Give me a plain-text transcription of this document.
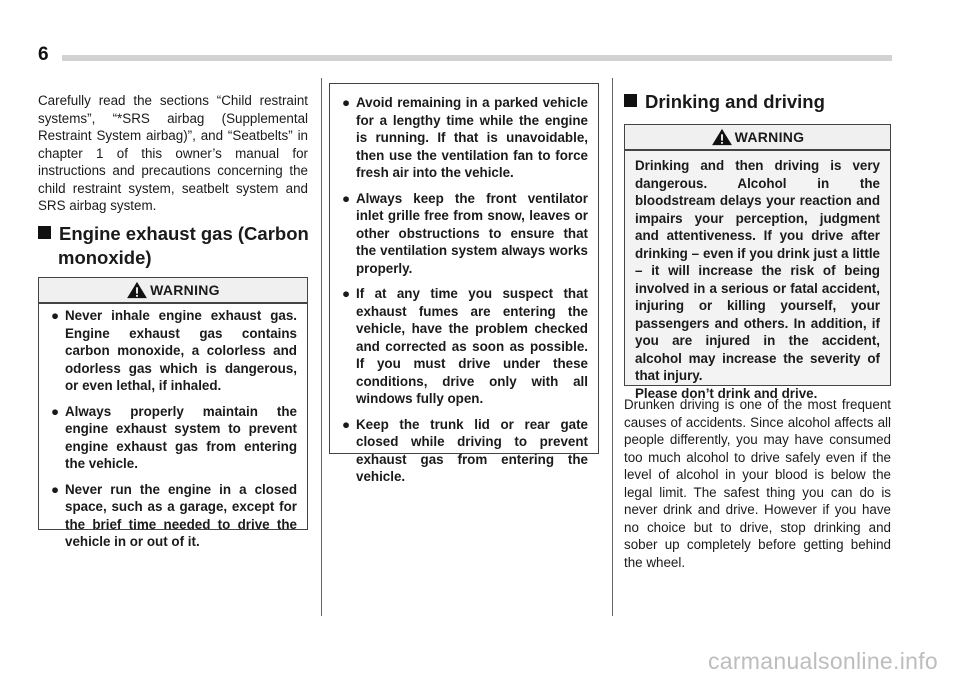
6

Carefully read the sections “Child restraint systems”, “*SRS airbag (Supplemental Restraint System airbag)”, and “Seatbelts” in chapter 1 of this owner’s manual for instructions and precautions concerning the child restraint system, seatbelt system and SRS airbag system.

Engine exhaust gas (Carbon
monoxide)
WARNING
● Never inhale engine exhaust gas. Engine exhaust gas contains carbon monoxide, a colorless and odorless gas which is dangerous, or even lethal, if inhaled.
● Always properly maintain the engine exhaust system to prevent engine exhaust gas from entering the vehicle.
● Never run the engine in a closed space, such as a garage, except for the brief time needed to drive the vehicle in or out of it.
● Avoid remaining in a parked vehicle for a lengthy time while the engine is running. If that is unavoidable, then use the ventilation fan to force fresh air into the vehicle.
● Always keep the front ventilator inlet grille free from snow, leaves or other obstructions to ensure that the ventilation system always works properly.
● If at any time you suspect that exhaust fumes are entering the vehicle, have the problem checked and corrected as soon as possible. If you must drive under these conditions, drive only with all windows fully open.
● Keep the trunk lid or rear gate closed while driving to prevent exhaust gas from entering the vehicle.
Drinking and driving
WARNING

Drinking and then driving is very dangerous. Alcohol in the bloodstream delays your reaction and impairs your perception, judgment and attentiveness. If you drive after drinking – even if you drink just a little – it will increase the risk of being involved in a serious or fatal accident, injuring or killing yourself, your passengers and others. In addition, if you are injured in the accident, alcohol may increase the severity of that injury.

Please don’t drink and drive.

Drunken driving is one of the most frequent causes of accidents. Since alcohol affects all people differently, you may have consumed too much alcohol to drive safely even if the level of alcohol in your blood is below the legal limit. The safest thing you can do is never drink and drive. However if you have no choice but to drive, stop drinking and sober up completely before getting behind the wheel.

carmanualsonline.info
